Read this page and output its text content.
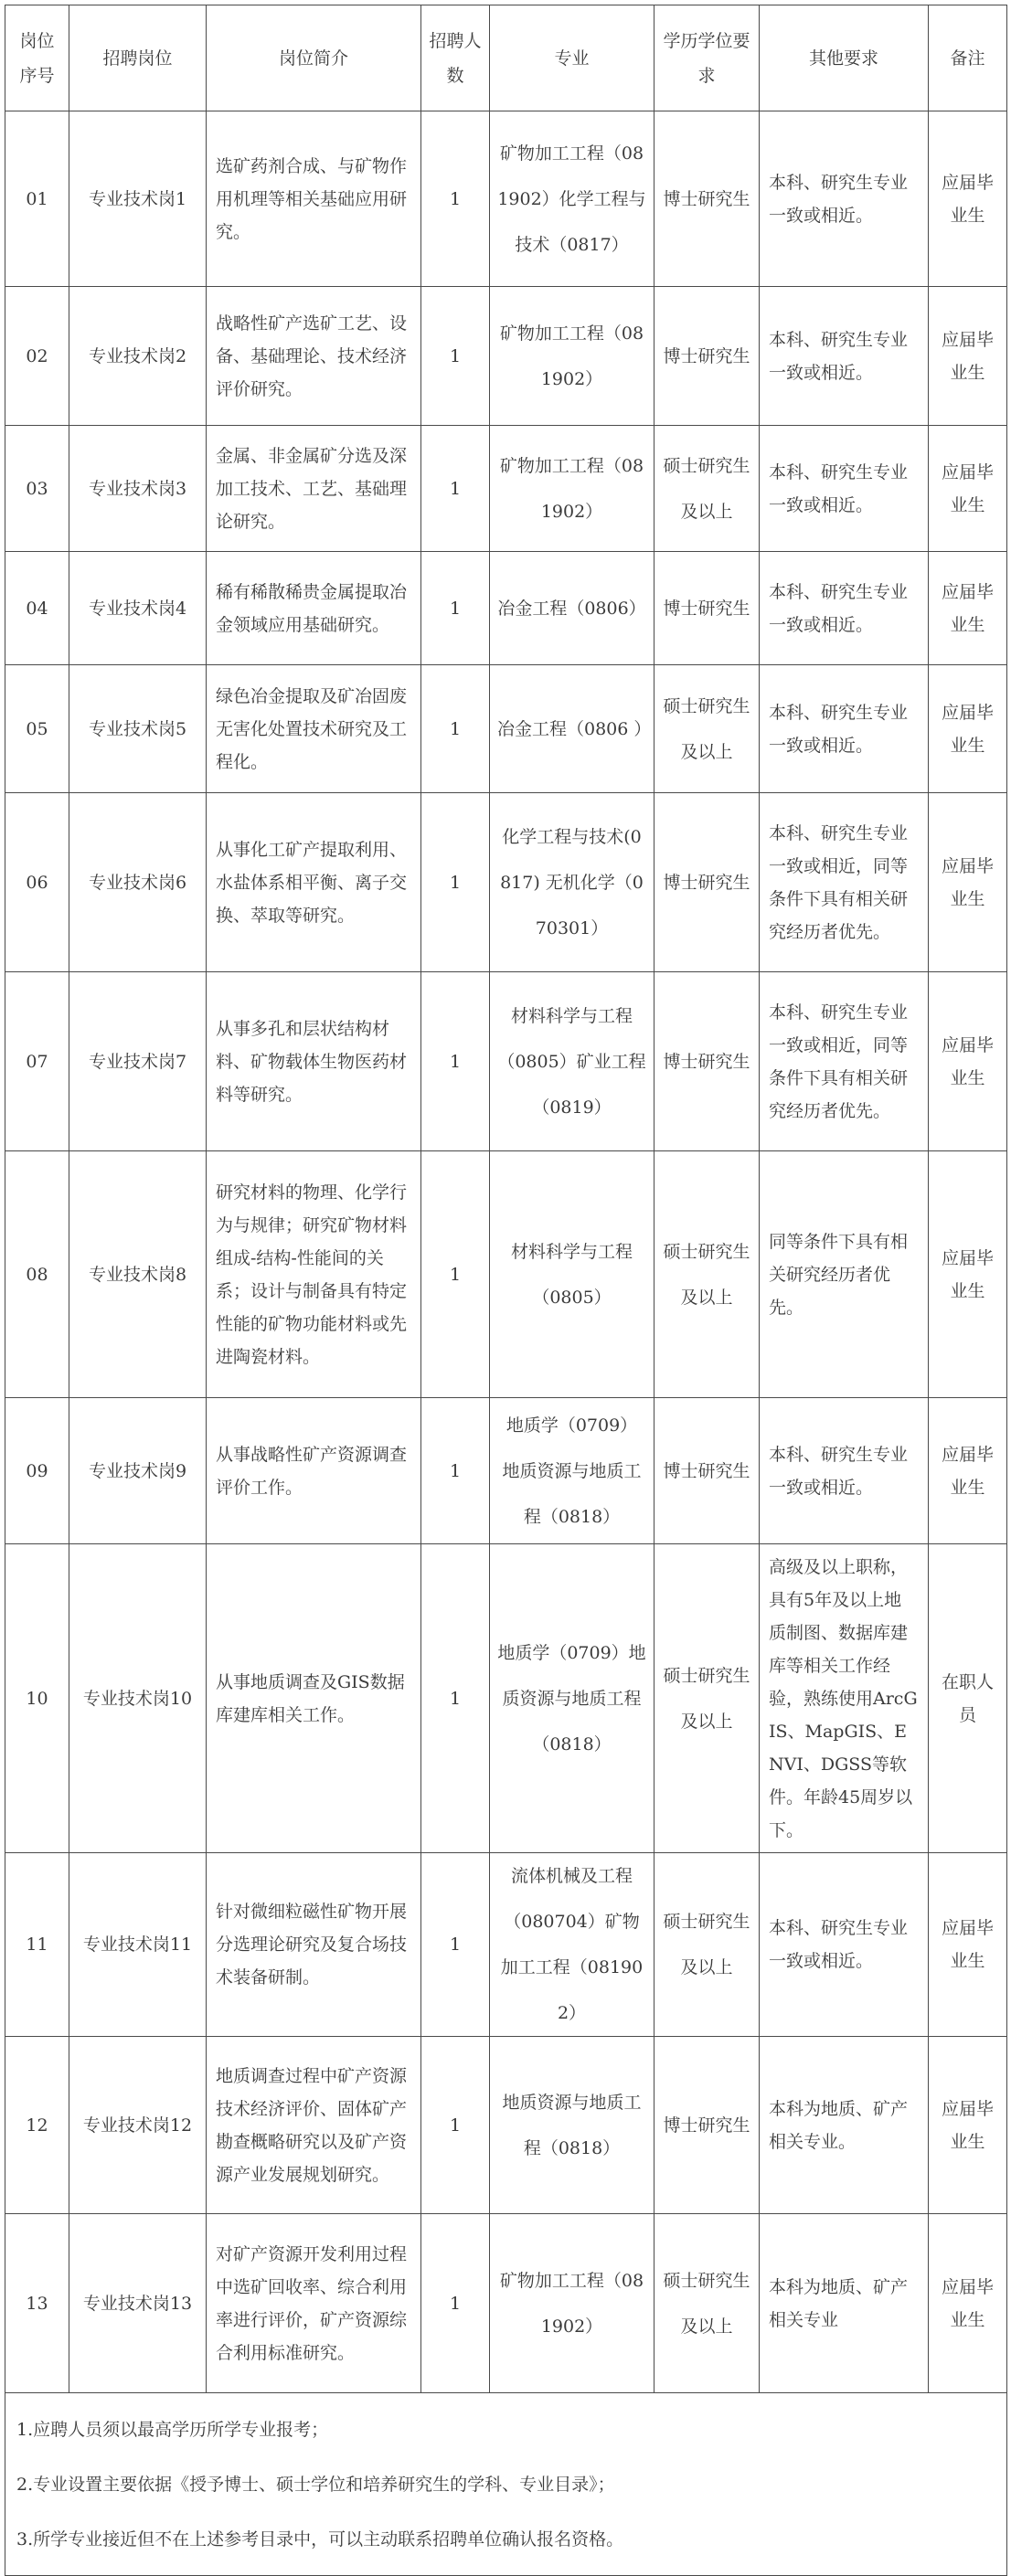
岗位序号	招聘岗位	岗位简介	招聘人数	专业	学历学位要求	其他要求	备注
01	专业技术岗1	选矿药剂合成、与矿物作用机理等相关基础应用研究。	1	矿物加工工程（081902）化学工程与技术（0817）	博士研究生	本科、研究生专业一致或相近。	应届毕业生
02	专业技术岗2	战略性矿产选矿工艺、设备、基础理论、技术经济评价研究。	1	矿物加工工程（081902）	博士研究生	本科、研究生专业一致或相近。	应届毕业生
03	专业技术岗3	金属、非金属矿分选及深加工技术、工艺、基础理论研究。	1	矿物加工工程（081902）	硕士研究生及以上	本科、研究生专业一致或相近。	应届毕业生
04	专业技术岗4	稀有稀散稀贵金属提取冶金领域应用基础研究。	1	冶金工程（0806）	博士研究生	本科、研究生专业一致或相近。	应届毕业生
05	专业技术岗5	绿色冶金提取及矿冶固废无害化处置技术研究及工程化。	1	冶金工程（0806 ）	硕士研究生及以上	本科、研究生专业一致或相近。	应届毕业生
06	专业技术岗6	从事化工矿产提取利用、水盐体系相平衡、离子交换、萃取等研究。	1	化学工程与技术(0817) 无机化学（070301）	博士研究生	本科、研究生专业一致或相近，同等条件下具有相关研究经历者优先。	应届毕业生
07	专业技术岗7	从事多孔和层状结构材料、矿物载体生物医药材料等研究。	1	材料科学与工程（0805）矿业工程（0819）	博士研究生	本科、研究生专业一致或相近，同等条件下具有相关研究经历者优先。	应届毕业生
08	专业技术岗8	研究材料的物理、化学行为与规律；研究矿物材料组成-结构-性能间的关系；设计与制备具有特定性能的矿物功能材料或先进陶瓷材料。	1	材料科学与工程（0805）	硕士研究生及以上	同等条件下具有相关研究经历者优先。	应届毕业生
09	专业技术岗9	从事战略性矿产资源调查评价工作。	1	地质学（0709） 地质资源与地质工程（0818）	博士研究生	本科、研究生专业一致或相近。	应届毕业生
10	专业技术岗10	从事地质调查及GIS数据库建库相关工作。	1	地质学（0709）地质资源与地质工程（0818）	硕士研究生及以上	高级及以上职称，具有5年及以上地质制图、数据库建库等相关工作经验，熟练使用ArcGIS、MapGIS、ENVI、DGSS等软件。年龄45周岁以下。	在职人员
11	专业技术岗11	针对微细粒磁性矿物开展分选理论研究及复合场技术装备研制。	1	流体机械及工程（080704）矿物加工工程（081902）	硕士研究生及以上	本科、研究生专业一致或相近。	应届毕业生
12	专业技术岗12	地质调查过程中矿产资源技术经济评价、固体矿产勘查概略研究以及矿产资源产业发展规划研究。	1	地质资源与地质工程（0818）	博士研究生	本科为地质、矿产相关专业。	应届毕业生
13	专业技术岗13	对矿产资源开发利用过程中选矿回收率、综合利用率进行评价，矿产资源综合利用标准研究。	1	矿物加工工程（081902）	硕士研究生及以上	本科为地质、矿产相关专业	应届毕业生

1.应聘人员须以最高学历所学专业报考；
2.专业设置主要依据《授予博士、硕士学位和培养研究生的学科、专业目录》；
3.所学专业接近但不在上述参考目录中，可以主动联系招聘单位确认报名资格。							
